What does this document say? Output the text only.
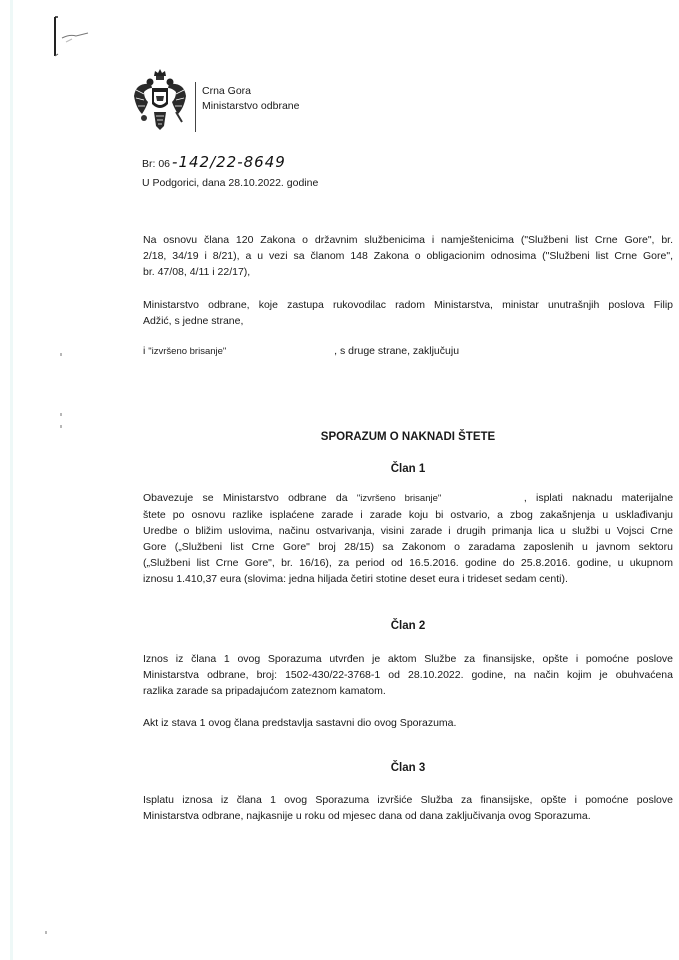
Crna Gora
Ministarstvo odbrane
Br: 06 -142/22-8649
U Podgorici, dana 28.10.2022. godine
Na osnovu člana 120 Zakona o državnim službenicima i namještenicima ("Službeni list Crne Gore", br.
2/18, 34/19 i 8/21), a u vezi sa članom 148 Zakona o obligacionim odnosima ("Službeni list Crne Gore",
br. 47/08, 4/11 i 22/17),
Ministarstvo odbrane, koje zastupa rukovodilac radom Ministarstva, ministar unutrašnjih poslova Filip
Adžić, s jedne strane,
i "izvršeno brisanje"	, s druge strane, zaključuju
SPORAZUM O NAKNADI ŠTETE
Član 1
Obavezuje se Ministarstvo odbrane da "izvršeno brisanje"	, isplati naknadu materijalne
štete po osnovu razlike isplaćene zarade i zarade koju bi ostvario, a zbog zakašnjenja u usklađivanju
Uredbe o bližim uslovima, načinu ostvarivanja, visini zarade i drugih primanja lica u službi u Vojsci Crne
Gore („Službeni list Crne Gore" broj 28/15) sa Zakonom o zaradama zaposlenih u javnom sektoru
(„Službeni list Crne Gore", br. 16/16), za period od 16.5.2016. godine do 25.8.2016. godine, u ukupnom
iznosu 1.410,37 eura (slovima: jedna hiljada četiri stotine deset eura i trideset sedam centi).
Član 2
Iznos iz člana 1 ovog Sporazuma utvrđen je aktom Službe za finansijske, opšte i pomoćne poslove
Ministarstva odbrane, broj: 1502-430/22-3768-1 od 28.10.2022. godine, na način kojim je obuhvaćena
razlika zarade sa pripadajućom zateznom kamatom.
Akt iz stava 1 ovog člana predstavlja sastavni dio ovog Sporazuma.
Član 3
Isplatu iznosa iz člana 1 ovog Sporazuma izvršiće Služba za finansijske, opšte i pomoćne poslove
Ministarstva odbrane, najkasnije u roku od mjesec dana od dana zaključivanja ovog Sporazuma.
